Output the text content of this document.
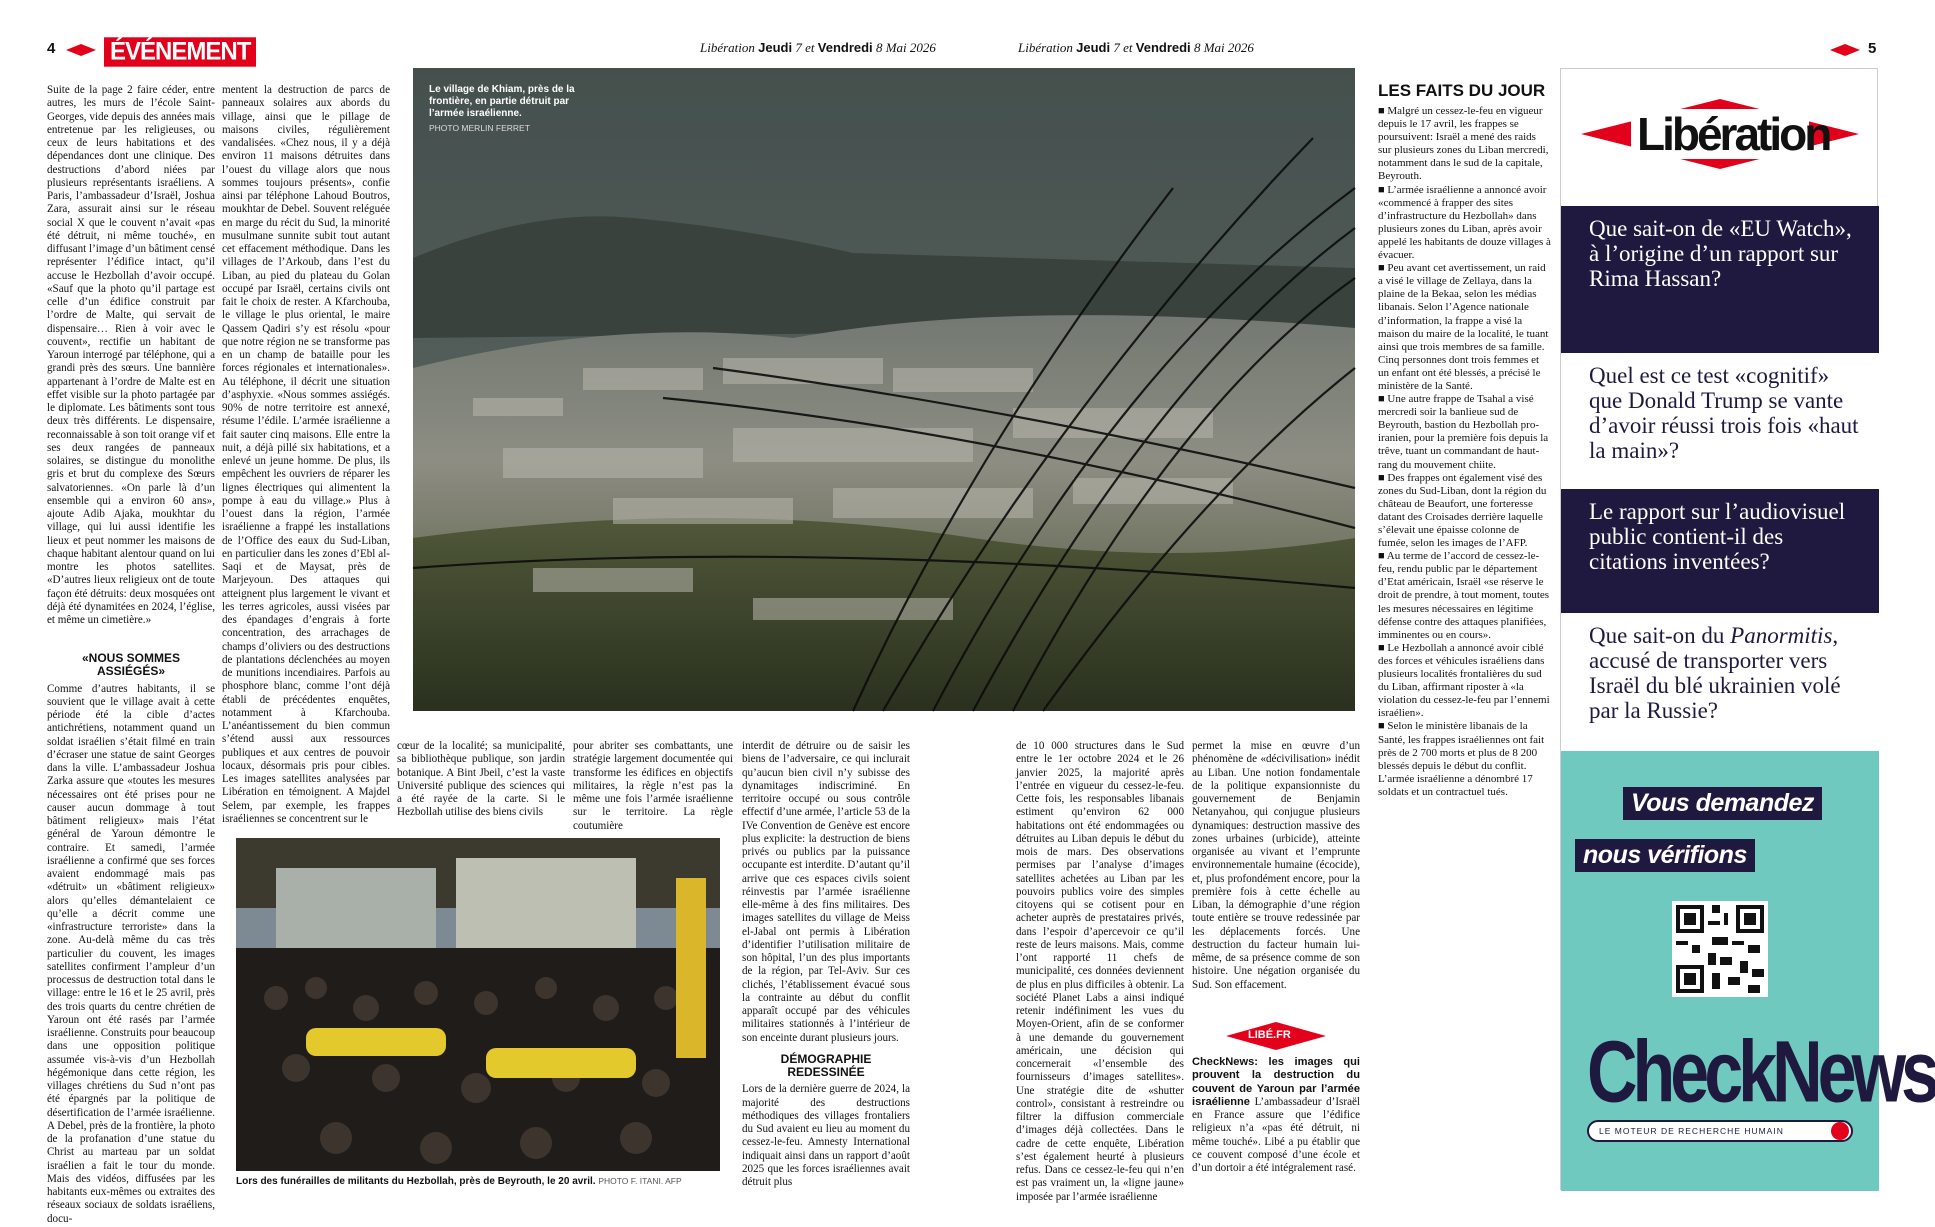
4 ÉVÉNEMENT	Libération Jeudi 7 et Vendredi 8 Mai 2026	Libération Jeudi 7 et Vendredi 8 Mai 2026	5

Suite de la page 2 faire céder, entre autres, les murs de l’école Saint-Georges, vide depuis des années mais entretenue par les religieuses, ou ceux de leurs habitations et des dépendances dont une clinique. Des destructions d’abord niées par plusieurs représentants israéliens. A Paris, l’ambassadeur d’Israël, Joshua Zara, assurait ainsi sur le réseau social X que le couvent n’avait «pas été détruit, ni même touché», en diffusant l’image d’un bâtiment censé représenter l’édifice intact, qu’il accuse le Hezbollah d’avoir occupé. «Sauf que la photo qu’il partage est celle d’un édifice construit par l’ordre de Malte, qui servait de dispensaire… Rien à voir avec le couvent», rectifie un habitant de Yaroun interrogé par téléphone, qui a grandi près des sœurs. Une bannière appartenant à l’ordre de Malte est en effet visible sur la photo partagée par le diplomate. Les bâtiments sont tous deux très différents. Le dispensaire, reconnaissable à son toit orange vif et ses deux rangées de panneaux solaires, se distingue du monolithe gris et brut du complexe des Sœurs salvatoriennes. «On parle là d’un ensemble qui a environ 60 ans», ajoute Adib Ajaka, moukhtar du village, qui lui aussi identifie les lieux et peut nommer les maisons de chaque habitant alentour quand on lui montre les photos satellites. «D’autres lieux religieux ont de toute façon été détruits: deux mosquées ont déjà été dynamitées en 2024, l’église, et même un cimetière.»

«NOUS SOMMES ASSIÉGÉS»

Comme d’autres habitants, il se souvient que le village avait à cette période été la cible d’actes antichrétiens, notamment quand un soldat israélien s’était filmé en train d’écraser une statue de saint Georges dans la ville. L’ambassadeur Joshua Zarka assure que «toutes les mesures nécessaires ont été prises pour ne causer aucun dommage à tout bâtiment religieux» mais l’état général de Yaroun démontre le contraire. Et samedi, l’armée israélienne a confirmé que ses forces avaient endommagé mais pas «détruit» un «bâtiment religieux» alors qu’elles démantelaient ce qu’elle a décrit comme une «infrastructure terroriste» dans la zone. Au-delà même du cas très particulier du couvent, les images satellites confirment l’ampleur d’un processus de destruction total dans le village: entre le 16 et le 25 avril, près des trois quarts du centre chrétien de Yaroun ont été rasés par l’armée israélienne. Construits pour beaucoup dans une opposition politique assumée vis-à-vis d’un Hezbollah hégémonique dans cette région, les villages chrétiens du Sud n’ont pas été épargnés par la politique de désertification de l’armée israélienne. A Debel, près de la frontière, la photo de la profanation d’une statue du Christ au marteau par un soldat israélien a fait le tour du monde. Mais des vidéos, diffusées par les habitants eux-mêmes ou extraites des réseaux sociaux de soldats israéliens, docu-

mentent la destruction de parcs de panneaux solaires aux abords du village, ainsi que le pillage de maisons civiles, régulièrement vandalisées. «Chez nous, il y a déjà environ 11 maisons détruites dans l’ouest du village alors que nous sommes toujours présents», confie ainsi par téléphone Lahoud Boutros, moukhtar de Debel. Souvent reléguée en marge du récit du Sud, la minorité musulmane sunnite subit tout autant cet effacement méthodique. Dans les villages de l’Arkoub, dans l’est du Liban, au pied du plateau du Golan occupé par Israël, certains civils ont fait le choix de rester. A Kfarchouba, le village le plus oriental, le maire Qassem Qadiri s’y est résolu «pour que notre région ne se transforme pas en un champ de bataille pour les forces régionales et internationales». Au téléphone, il décrit une situation d’asphyxie. «Nous sommes assiégés. 90% de notre territoire est annexé, résume l’édile. L’armée israélienne a fait sauter cinq maisons. Elle entre la nuit, a déjà pillé six habitations, et a enlevé un jeune homme. De plus, ils empêchent les ouvriers de réparer les lignes électriques qui alimentent la pompe à eau du village.» Plus à l’ouest dans la région, l’armée israélienne a frappé les installations de l’Office des eaux du Sud-Liban, en particulier dans les zones d’Ebl al-Saqi et de Maysat, près de Marjeyoun. Des attaques qui atteignent plus largement le vivant et les terres agricoles, aussi visées par des épandages d’engrais à forte concentration, des arrachages de champs d’oliviers ou des destructions de plantations déclenchées au moyen de munitions incendiaires. Parfois au phosphore blanc, comme l’ont déjà établi de précédentes enquêtes, notamment à Kfarchouba. L’anéantissement du bien commun s’étend aussi aux ressources publiques et aux centres de pouvoir locaux, désormais pris pour cibles. Les images satellites analysées par Libération en témoignent. A Majdel Selem, par exemple, les frappes israéliennes se concentrent sur le

Le village de Khiam, près de la frontière, en partie détruit par l’armée israélienne.
PHOTO MERLIN FERRET

cœur de la localité; sa municipalité, sa bibliothèque publique, son jardin botanique. A Bint Jbeil, c’est la vaste Université publique des sciences qui a été rayée de la carte. Si le Hezbollah utilise des biens civils

pour abriter ses combattants, une stratégie largement documentée qui transforme les édifices en objectifs militaires, la règle n’est pas la même une fois l’armée israélienne sur le territoire. La règle coutumière

Lors des funérailles de militants du Hezbollah, près de Beyrouth, le 20 avril. PHOTO F. ITANI. AFP

interdit de détruire ou de saisir les biens de l’adversaire, ce qui inclurait qu’aucun bien civil n’y subisse des dynamitages indiscriminé. En territoire occupé ou sous contrôle effectif d’une armée, l’article 53 de la IVe Convention de Genève est encore plus explicite: la destruction de biens privés ou publics par la puissance occupante est interdite. D’autant qu’il arrive que ces espaces civils soient réinvestis par l’armée israélienne elle-même à des fins militaires. Des images satellites du village de Meiss el-Jabal ont permis à Libération d’identifier l’utilisation militaire de son hôpital, l’un des plus importants de la région, par Tel-Aviv. Sur ces clichés, l’établissement évacué sous la contrainte au début du conflit apparaît occupé par des véhicules militaires stationnés à l’intérieur de son enceinte durant plusieurs jours.

DÉMOGRAPHIE REDESSINÉE

Lors de la dernière guerre de 2024, la majorité des destructions méthodiques des villages frontaliers du Sud avaient eu lieu au moment du cessez-le-feu. Amnesty International indiquait ainsi dans un rapport d’août 2025 que les forces israéliennes avait détruit plus

de 10 000 structures dans le Sud entre le 1er octobre 2024 et le 26 janvier 2025, la majorité après l’entrée en vigueur du cessez-le-feu. Cette fois, les responsables libanais estiment qu’environ 62 000 habitations ont été endommagées ou détruites au Liban depuis le début du mois de mars. Des observations permises par l’analyse d’images satellites achetées au Liban par les pouvoirs publics voire des simples citoyens qui se cotisent pour en acheter auprès de prestataires privés, dans l’espoir d’apercevoir ce qu’il reste de leurs maisons. Mais, comme l’ont rapporté 11 chefs de municipalité, ces données deviennent de plus en plus difficiles à obtenir. La société Planet Labs a ainsi indiqué retenir indéfiniment les vues du Moyen-Orient, afin de se conformer à une demande du gouvernement américain, une décision qui concernerait «l’ensemble des fournisseurs d’images satellites». Une stratégie dite de «shutter control», consistant à restreindre ou filtrer la diffusion commerciale d’images déjà collectées. Dans le cadre de cette enquête, Libération s’est également heurté à plusieurs refus. Dans ce cessez-le-feu qui n’en est pas vraiment un, la «ligne jaune» imposée par l’armée israélienne

permet la mise en œuvre d’un phénomène de «décivilisation» inédit au Liban. Une notion fondamentale de la politique expansionniste du gouvernement de Benjamin Netanyahou, qui conjugue plusieurs dynamiques: destruction massive des zones urbaines (urbicide), atteinte organisée au vivant et l’emprunte environnementale humaine (écocide), et, plus profondément encore, pour la première fois à cette échelle au Liban, la démographie d’une région toute entière se trouve redessinée par les déplacements forcés. Une destruction du facteur humain lui-même, de sa présence comme de son histoire. Une négation organisée du Sud. Son effacement.

LIBÉ.FR

CheckNews: les images qui prouvent la destruction du couvent de Yaroun par l’armée israélienne L’ambassadeur d’Israël en France assure que l’édifice religieux n’a «pas été détruit, ni même touché». Libé a pu établir que ce couvent composé d’une école et d’un dortoir a été intégralement rasé.

LES FAITS DU JOUR

■ Malgré un cessez-le-feu en vigueur depuis le 17 avril, les frappes se poursuivent: Israël a mené des raids sur plusieurs zones du Liban mercredi, notamment dans le sud de la capitale, Beyrouth.

■ L’armée israélienne a annoncé avoir «commencé à frapper des sites d’infrastructure du Hezbollah» dans plusieurs zones du Liban, après avoir appelé les habitants de douze villages à évacuer.

■ Peu avant cet avertissement, un raid a visé le village de Zellaya, dans la plaine de la Bekaa, selon les médias libanais. Selon l’Agence nationale d’information, la frappe a visé la maison du maire de la localité, le tuant ainsi que trois membres de sa famille. Cinq personnes dont trois femmes et un enfant ont été blessés, a précisé le ministère de la Santé.

■ Une autre frappe de Tsahal a visé mercredi soir la banlieue sud de Beyrouth, bastion du Hezbollah pro-iranien, pour la première fois depuis la trêve, tuant un commandant de haut-rang du mouvement chiite.

■ Des frappes ont également visé des zones du Sud-Liban, dont la région du château de Beaufort, une forteresse datant des Croisades derrière laquelle s’élevait une épaisse colonne de fumée, selon les images de l’AFP.

■ Au terme de l’accord de cessez-le-feu, rendu public par le département d’Etat américain, Israël «se réserve le droit de prendre, à tout moment, toutes les mesures nécessaires en légitime défense contre des attaques planifiées, imminentes ou en cours».

■ Le Hezbollah a annoncé avoir ciblé des forces et véhicules israéliens dans plusieurs localités frontalières du sud du Liban, affirmant riposter à «la violation du cessez-le-feu par l’ennemi israélien».

■ Selon le ministère libanais de la Santé, les frappes israéliennes ont fait près de 2 700 morts et plus de 8 200 blessés depuis le début du conflit. L’armée israélienne a dénombré 17 soldats et un contractuel tués.

Libération
Que sait-on de «EU Watch», à l’origine d’un rapport sur Rima Hassan?
Quel est ce test «cognitif» que Donald Trump se vante d’avoir réussi trois fois «haut la main»?
Le rapport sur l’audiovisuel public contient-il des citations inventées?
Que sait-on du Panormitis, accusé de transporter vers Israël du blé ukrainien volé par la Russie?
Vous demandez
nous vérifions
CheckNews
LE MOTEUR DE RECHERCHE HUMAIN
